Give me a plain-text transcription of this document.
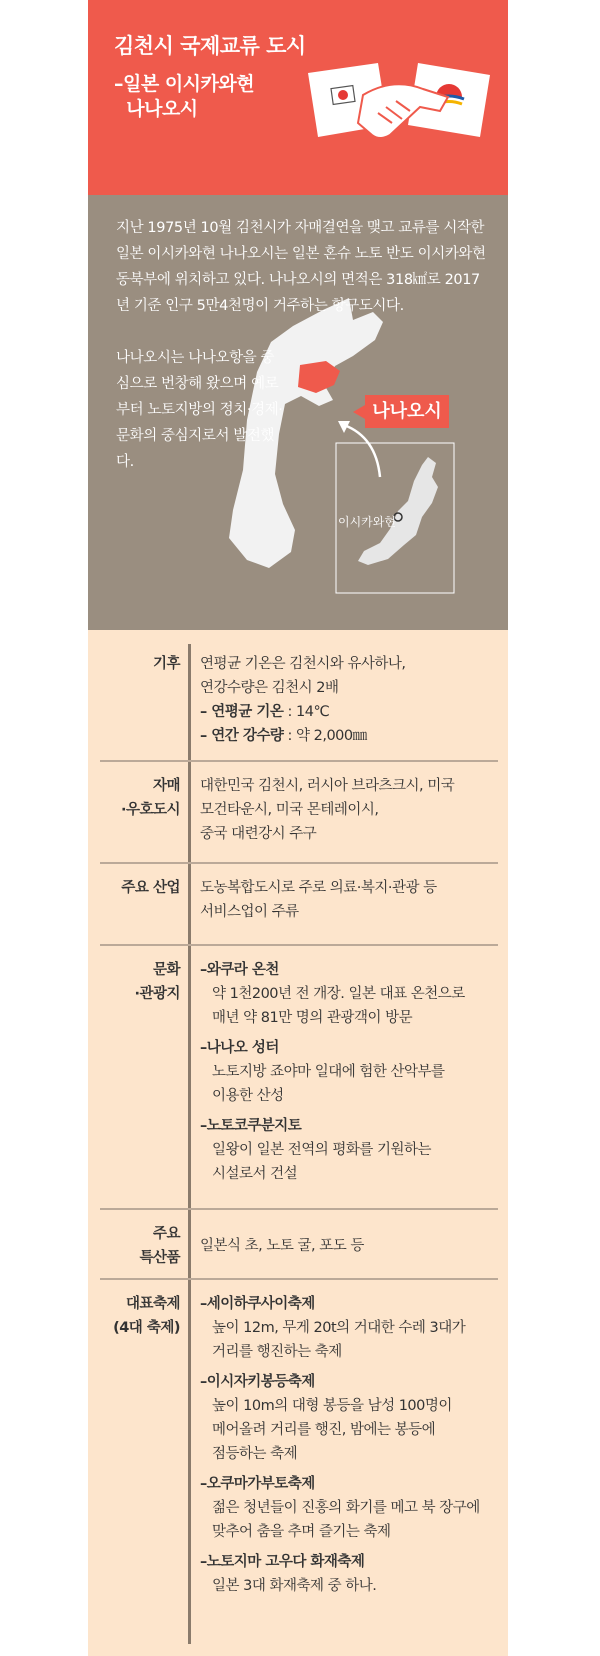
김천시 국제교류 도시
–일본 이시카와현
나나오시

지난 1975년 10월 김천시가 자매결연을 맺고 교류를 시작한 일본 이시카와현 나나오시는 일본 혼슈 노토 반도 이시카와현 동북부에 위치하고 있다. 나나오시의 면적은 318㎢로 2017년 기준 인구 5만4천명이 거주하는 항구도시다.

나나오시는 나나오항을 중심으로 번창해 왔으며 예로부터 노토지방의 정치·경제·문화의 중심지로서 발전했다.

나나오시
이시카와현
기후 연평균 기온은 김천시와 유사하나,
연강수량은 김천시 2배
– 연평균 기온 : 14℃
– 연간 강수량 : 약 2,000㎜
자매
·우호도시
대한민국 김천시, 러시아 브라츠크시, 미국
모건타운시, 미국 몬테레이시,
중국 대련강시 주구
주요 산업 도농복합도시로 주로 의료·복지·관광 등
서비스업이 주류
문화
·관광지
–와쿠라 온천
약 1천200년 전 개장. 일본 대표 온천으로
매년 약 81만 명의 관광객이 방문
–나나오 성터
노토지방 죠야마 일대에 험한 산악부를
이용한 산성
–노토코쿠분지토
일왕이 일본 전역의 평화를 기원하는
시설로서 건설
주요
특산품
일본식 초, 노토 굴, 포도 등
대표축제
(4대 축제)
–세이하쿠사이축제
높이 12m, 무게 20t의 거대한 수레 3대가
거리를 행진하는 축제
–이시자키봉등축제
높이 10m의 대형 봉등을 남성 100명이
메어올려 거리를 행진, 밤에는 봉등에
점등하는 축제
–오쿠마가부토축제
젊은 청년들이 진홍의 화기를 메고 북 장구에
맞추어 춤을 추며 즐기는 축제
–노토지마 고우다 화재축제
일본 3대 화재축제 중 하나.
